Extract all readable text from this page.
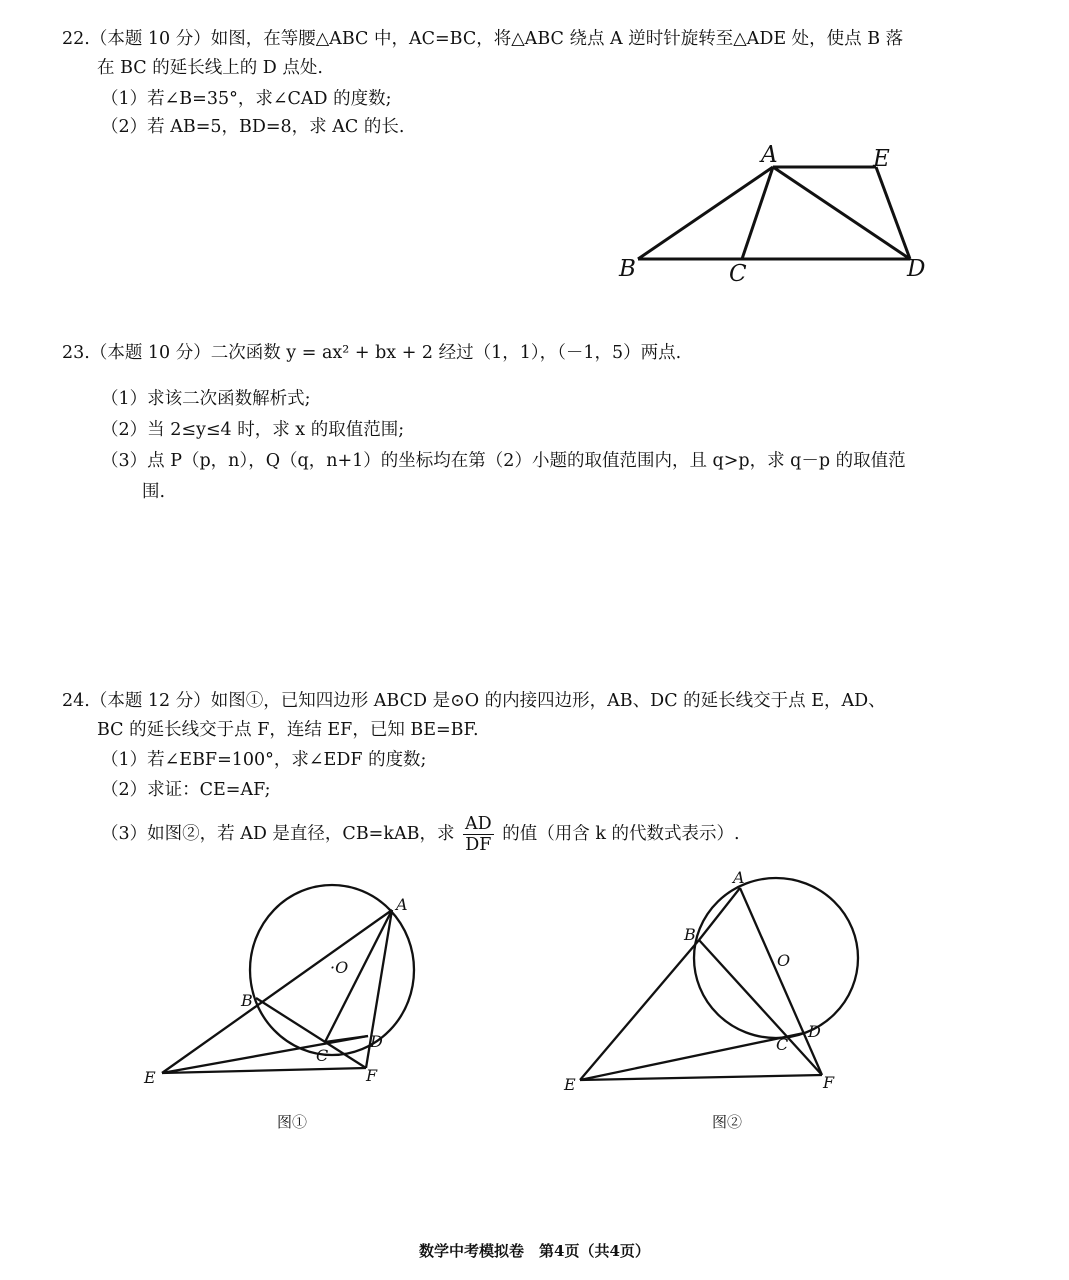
22.（本题 10 分）如图，在等腰△ABC 中，AC=BC，将△ABC 绕点 A 逆时针旋转至△ADE 处，使点 B 落
在 BC 的延长线上的 D 点处.
（1）若∠B=35°，求∠CAD 的度数;
（2）若 AB=5，BD=8，求 AC 的长.
A	E
B	C	D
23.（本题 10 分）二次函数 y = ax² + bx + 2 经过（1，1），（－1，5）两点.
（1）求该二次函数解析式;
（2）当 2≤y≤4 时，求 x 的取值范围;
（3）点 P（p，n），Q（q，n+1）的坐标均在第（2）小题的取值范围内，且 q>p，求 q－p 的取值范
围.
24.（本题 12 分）如图①，已知四边形 ABCD 是⊙O 的内接四边形，AB、DC 的延长线交于点 E，AD、
BC 的延长线交于点 F，连结 EF，已知 BE=BF.
（1）若∠EBF=100°，求∠EDF 的度数;
（2）求证：CE=AF;
（3）如图②，若 AD 是直径，CB=kAB，求 $\frac{AD}{DF}$ 的值（用含 k 的代数式表示）.
A
·O
B
C
D
E	F
图①
A
B
O
C
D
E	F
图②
数学中考模拟卷　第4页（共4页）
